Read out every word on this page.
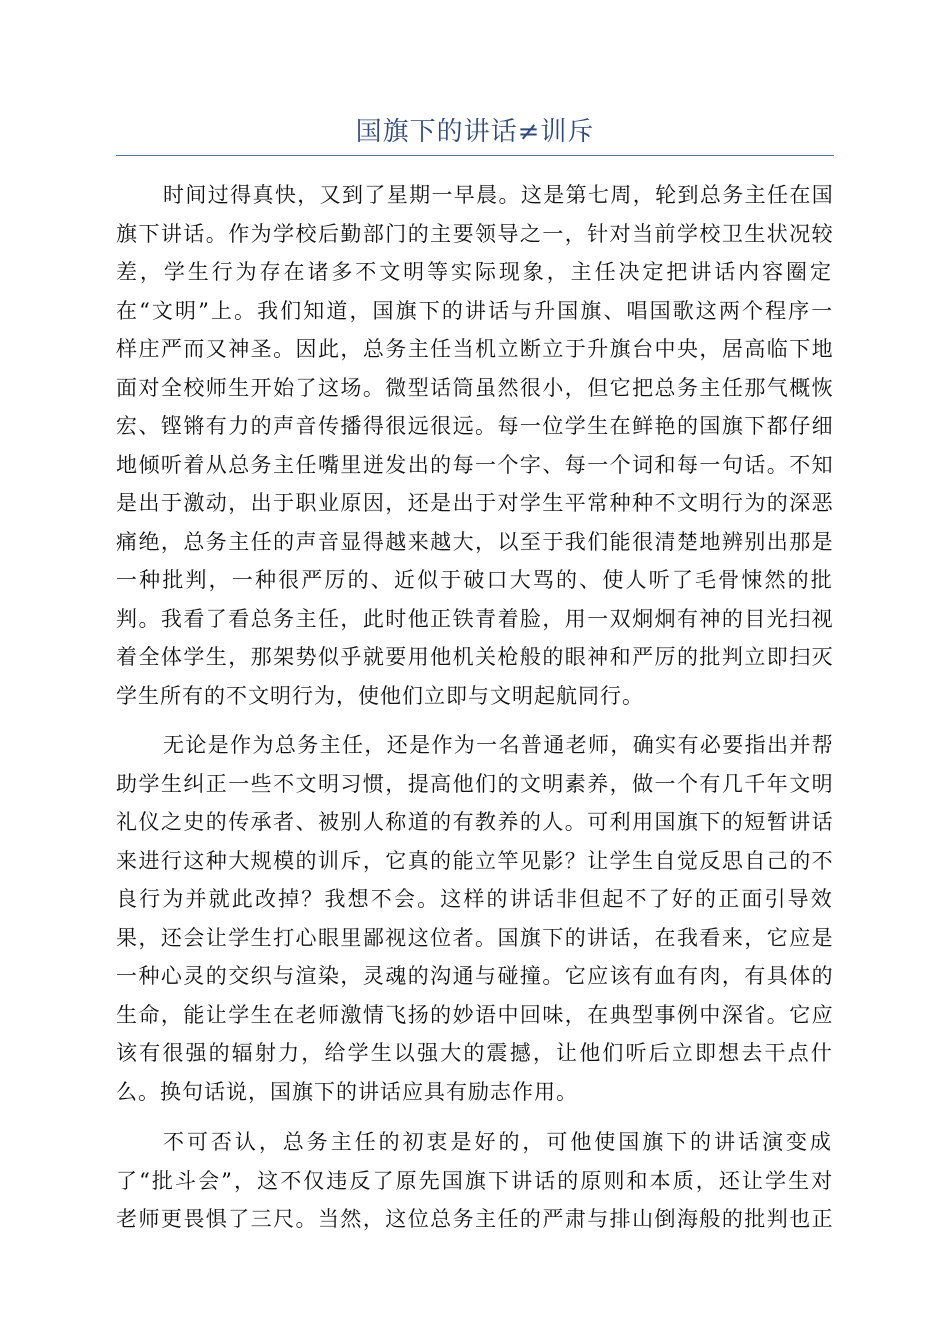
国旗下的讲话≠训斥
时间过得真快，又到了星期一早晨。这是第七周，轮到总务主任在国
旗下讲话。作为学校后勤部门的主要领导之一，针对当前学校卫生状况较
差，学生行为存在诸多不文明等实际现象，主任决定把讲话内容圈定
在“文明”上。我们知道，国旗下的讲话与升国旗、唱国歌这两个程序一
样庄严而又神圣。因此，总务主任当机立断立于升旗台中央，居高临下地
面对全校师生开始了这场。微型话筒虽然很小，但它把总务主任那气概恢
宏、铿锵有力的声音传播得很远很远。每一位学生在鲜艳的国旗下都仔细
地倾听着从总务主任嘴里迸发出的每一个字、每一个词和每一句话。不知
是出于激动，出于职业原因，还是出于对学生平常种种不文明行为的深恶
痛绝，总务主任的声音显得越来越大，以至于我们能很清楚地辨别出那是
一种批判，一种很严厉的、近似于破口大骂的、使人听了毛骨悚然的批
判。我看了看总务主任，此时他正铁青着脸，用一双炯炯有神的目光扫视
着全体学生，那架势似乎就要用他机关枪般的眼神和严厉的批判立即扫灭
学生所有的不文明行为，使他们立即与文明起航同行。
无论是作为总务主任，还是作为一名普通老师，确实有必要指出并帮
助学生纠正一些不文明习惯，提高他们的文明素养，做一个有几千年文明
礼仪之史的传承者、被别人称道的有教养的人。可利用国旗下的短暂讲话
来进行这种大规模的训斥，它真的能立竿见影？让学生自觉反思自己的不
良行为并就此改掉？我想不会。这样的讲话非但起不了好的正面引导效
果，还会让学生打心眼里鄙视这位者。国旗下的讲话，在我看来，它应是
一种心灵的交织与渲染，灵魂的沟通与碰撞。它应该有血有肉，有具体的
生命，能让学生在老师激情飞扬的妙语中回味，在典型事例中深省。它应
该有很强的辐射力，给学生以强大的震撼，让他们听后立即想去干点什
么。换句话说，国旗下的讲话应具有励志作用。
不可否认，总务主任的初衷是好的，可他使国旗下的讲话演变成
了“批斗会”，这不仅违反了原先国旗下讲话的原则和本质，还让学生对
老师更畏惧了三尺。当然，这位总务主任的严肃与排山倒海般的批判也正
